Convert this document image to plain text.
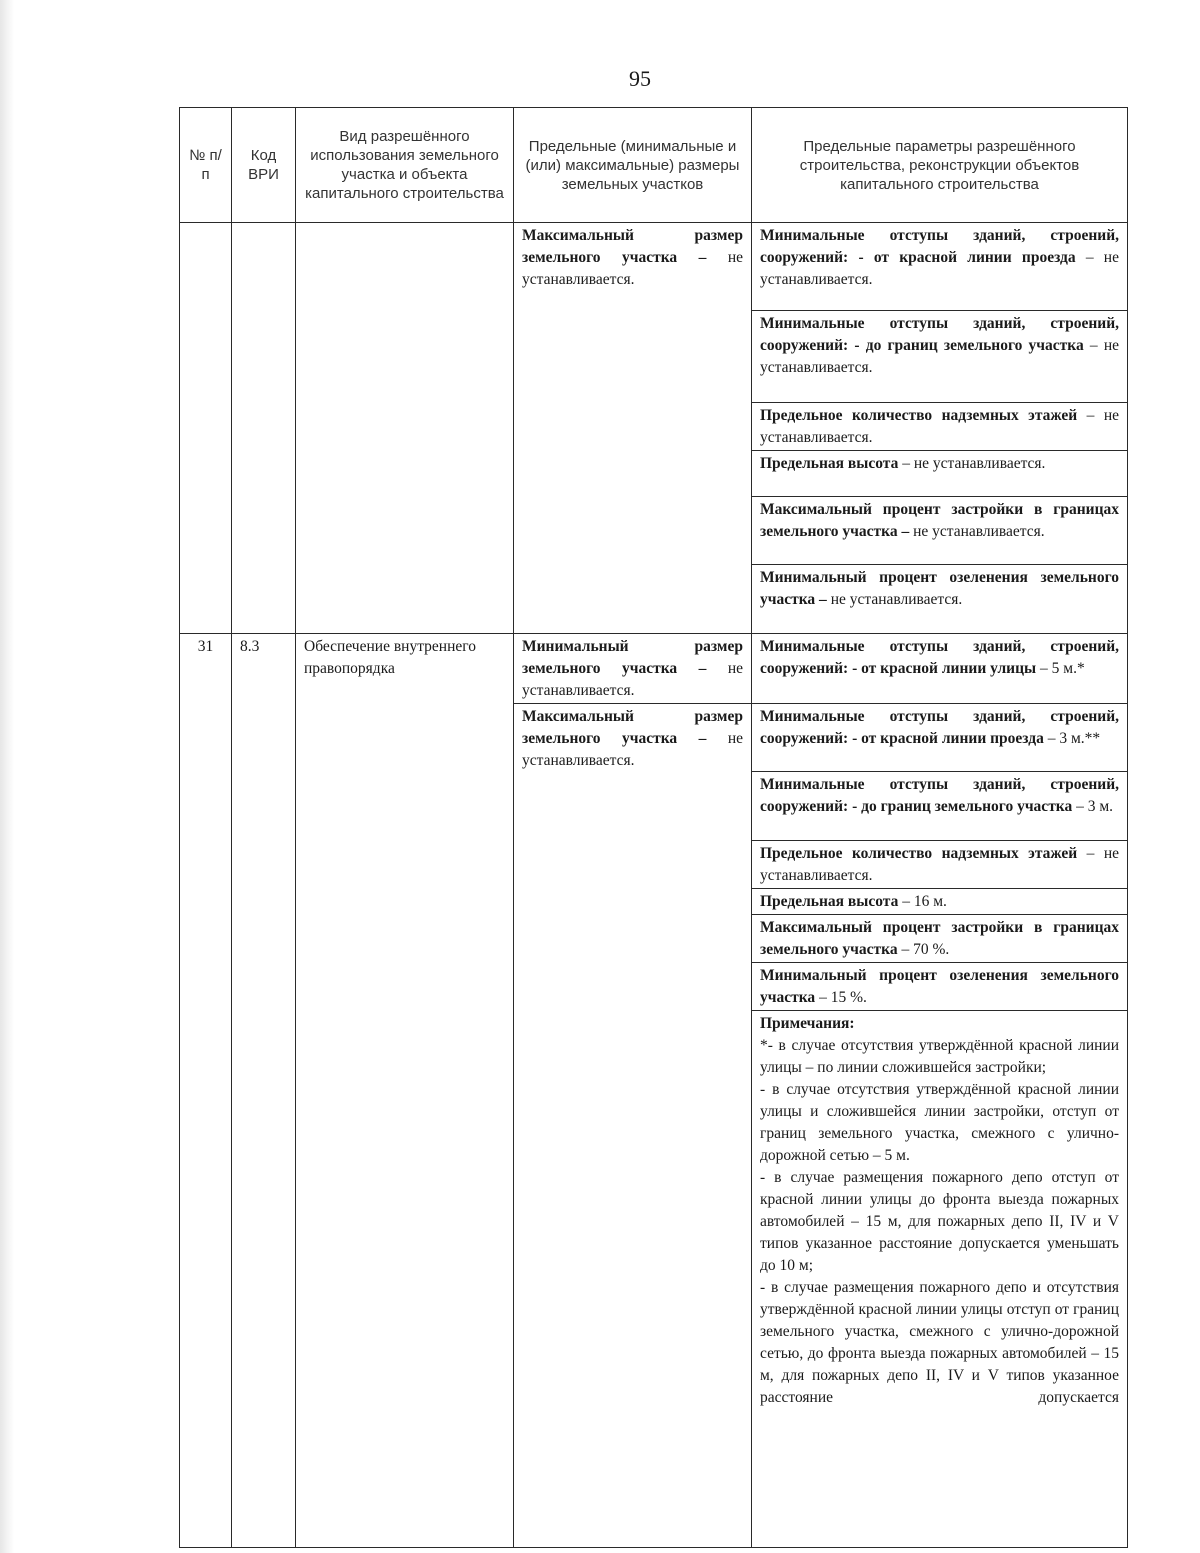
95
№ п/п	Код ВРИ	Вид разрешённого использования земельного участка и объекта капитального строительства	Предельные (минимальные и (или) максимальные) размеры земельных участков	Предельные параметры разрешённого строительства, реконструкции объектов капитального строительства

			Максимальный размер земельного участка – не устанавливается.	Минимальные отступы зданий, строений, сооружений: - от красной линии проезда – не устанавливается.

				Минимальные отступы зданий, строений, сооружений: - до границ земельного участка – не устанавливается.

				Предельное количество надземных этажей – не устанавливается.

				Предельная высота – не устанавливается.

				Максимальный процент застройки в границах земельного участка – не устанавливается.

				Минимальный процент озеленения земельного участка – не устанавливается.

31	8.3	Обеспечение внутреннего правопорядка	Минимальный размер земельного участка – не устанавливается.	Минимальные отступы зданий, строений, сооружений: - от красной линии улицы – 5 м.*

			Максимальный размер земельного участка – не устанавливается.	Минимальные отступы зданий, строений, сооружений: - от красной линии проезда – 3 м.**

				Минимальные отступы зданий, строений, сооружений: - до границ земельного участка – 3 м.

				Предельное количество надземных этажей – не устанавливается.

				Предельная высота – 16 м.

				Максимальный процент застройки в границах земельного участка – 70 %.

				Минимальный процент озеленения земельного участка – 15 %.

				Примечания:

*- в случае отсутствия утверждённой красной линии улицы – по линии сложившейся застройки;

- в случае отсутствия утверждённой красной линии улицы и сложившейся линии застройки, отступ от границ земельного участка, смежного с улично-дорожной сетью – 5 м.

- в случае размещения пожарного депо отступ от красной линии улицы до фронта выезда пожарных автомобилей – 15 м, для пожарных депо II, IV и V типов указанное расстояние допускается уменьшать до 10 м;

- в случае размещения пожарного депо и отсутствия утверждённой красной линии улицы отступ от границ земельного участка, смежного с улично-дорожной сетью, до фронта выезда пожарных автомобилей – 15 м, для пожарных депо II, IV и V типов указанное расстояние допускается
